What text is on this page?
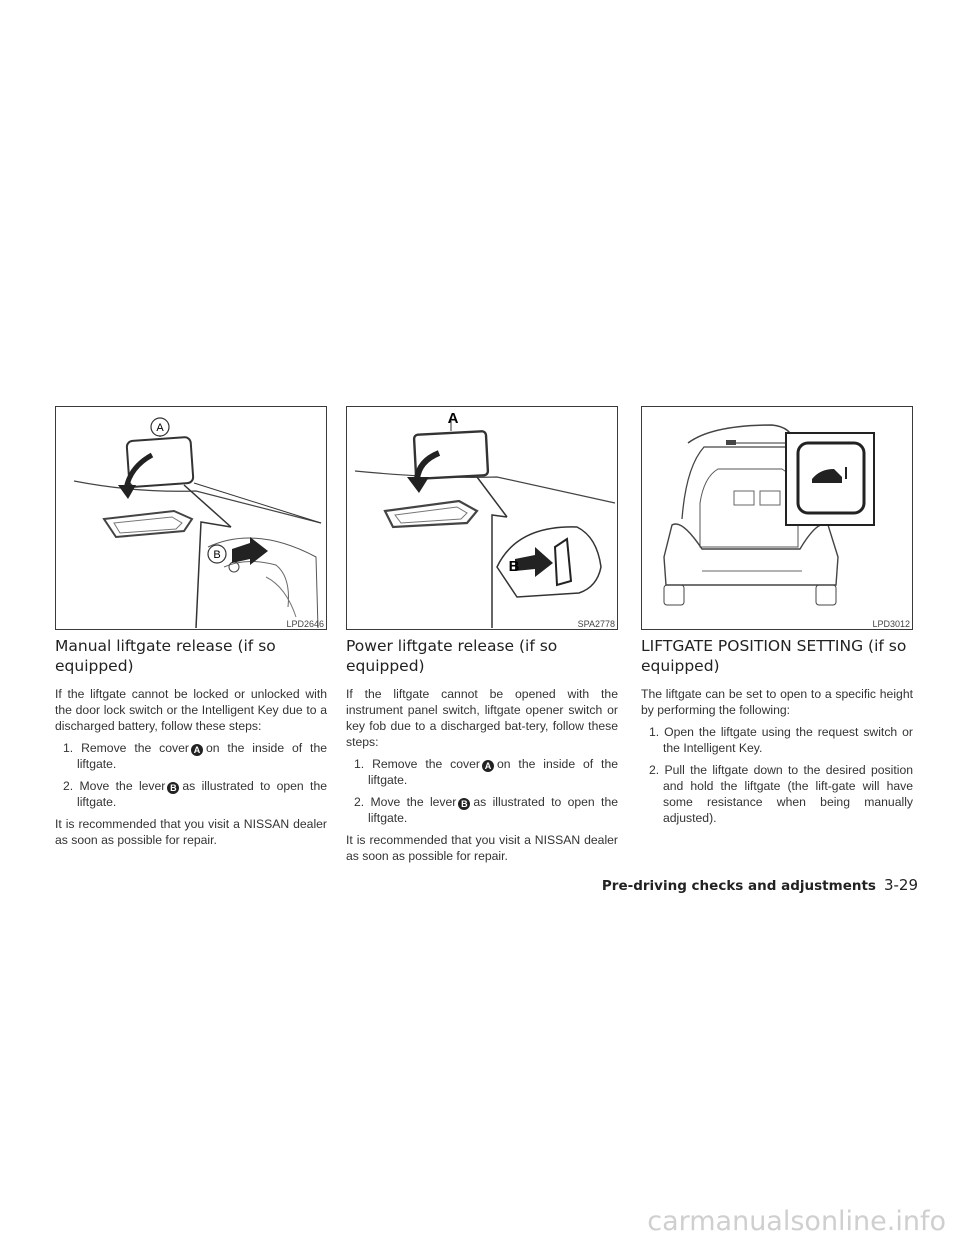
A
B
LPD2646
Manual liftgate release (if so equipped)

If the liftgate cannot be locked or unlocked with the door lock switch or the Intelligent Key due to a discharged battery, follow these steps:

1. Remove the cover A on the inside of the liftgate.
2. Move the lever B as illustrated to open the liftgate.

It is recommended that you visit a NISSAN dealer as soon as possible for repair.

A
B
SPA2778
Power liftgate release (if so equipped)

If the liftgate cannot be opened with the instrument panel switch, liftgate opener switch or key fob due to a discharged bat-tery, follow these steps:

1. Remove the cover A on the inside of the liftgate.
2. Move the lever B as illustrated to open the liftgate.

It is recommended that you visit a NISSAN dealer as soon as possible for repair.

LPD3012
LIFTGATE POSITION SETTING (if so equipped)

The liftgate can be set to open to a specific height by performing the following:

1. Open the liftgate using the request switch or the Intelligent Key.
2. Pull the liftgate down to the desired position and hold the liftgate (the lift-gate will have some resistance when being manually adjusted).
Pre-driving checks and adjustments 3-29
carmanualsonline.info
